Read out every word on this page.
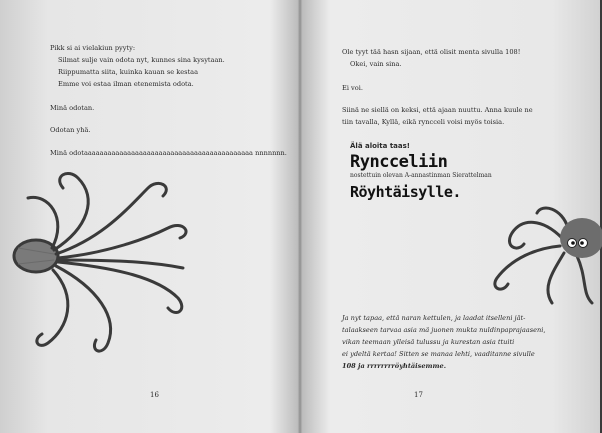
Pikk si ai vielakiun pyyty:
Silmat sulje vain odota nyt, kunnes sina kysytaan.
Riippumatta siita, kuinka kauan se kestaa
Emme voi estaa ilman etenemista odota.
Minä odotan.
Odotan yhä.
Minä odotaaaaaaaaaaaaaaaaaaaaaaaaaaaaaaaaaaaaaaaaaaa nnnnnnn.
16
Ole tyyt tää hasn sijaan, että olisit menta sivulla 108!
Okei, vain sina.
Ei voi.
Siinä ne siellä on keksi, että ajaan nuuttu. Anna kuule ne
tiin tavalla, Kyllä, eikä ryncceli voisi myös toisia.
Älä aloita taas!
Ryncceliin
nostettuin olevan A-annastinman Sierattelman
Röyhtäisylle.
Ja nyt tapaa, että naran kettulen, ja laadat itselleni jät-
talaakseen tarvaa asia mä juonen mukta nuldinpaprajaaseni,
vikan teemaan ylleisä tulussu ja kurestan asia ttuiti
ei ydeltä kertaa! Sitten se manaa lehti, vaaditanne sivulle
108 ja rrrrrrrröyhtäisemme.
17
